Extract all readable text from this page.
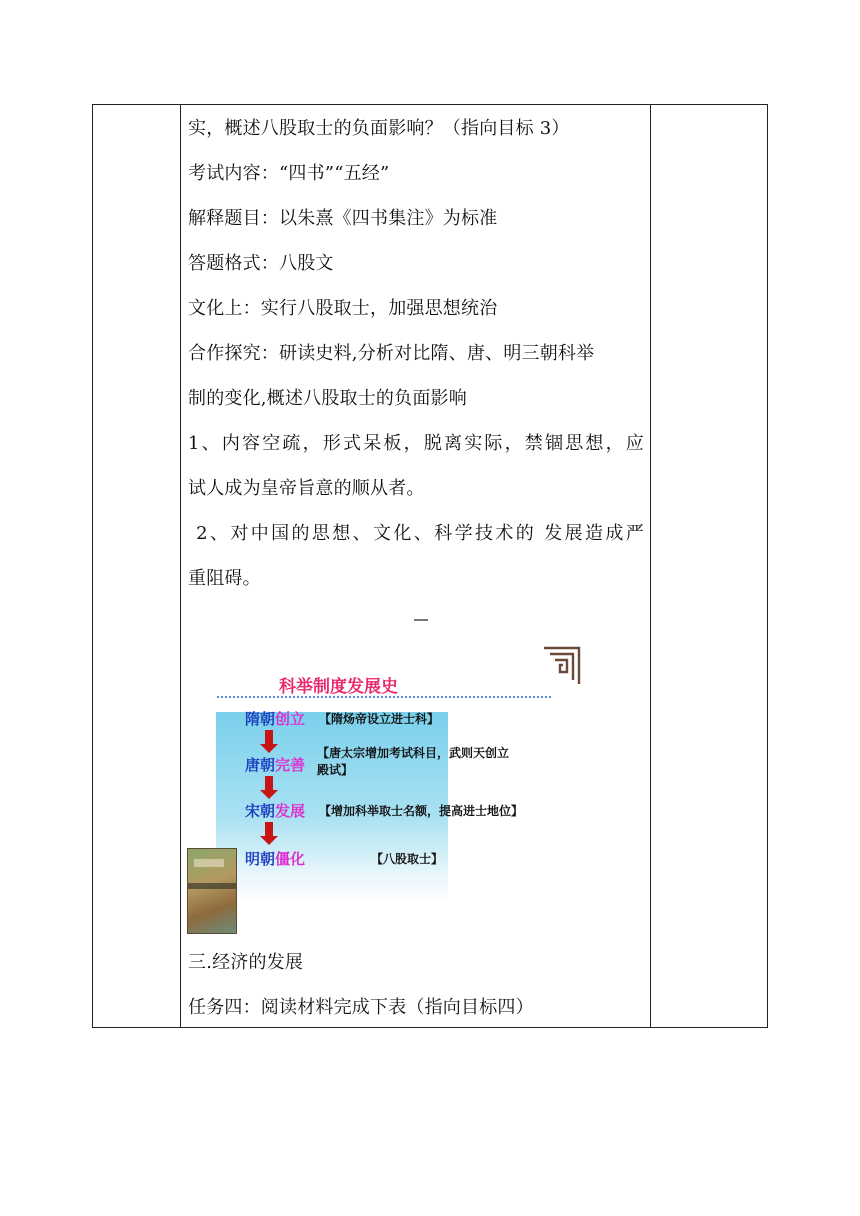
实，概述八股取士的负面影响？（指向目标 3）
考试内容：“四书”“五经”
解释题目：以朱熹《四书集注》为标准
答题格式：八股文
文化上：实行八股取士，加强思想统治
合作探究：研读史料,分析对比隋、唐、明三朝科举
制的变化,概述八股取士的负面影响
1、内容空疏，形式呆板，脱离实际，禁锢思想，应
试人成为皇帝旨意的顺从者。
2、对中国的思想、文化、科学技术的 发展造成严
重阻碍。
科举制度发展史
隋朝创立 【隋炀帝设立进士科】
唐朝完善
【唐太宗增加考试科目，武则天创立
殿试】
宋朝发展 【增加科举取士名额，提高进士地位】
明朝僵化	【八股取士】
三.经济的发展
任务四：阅读材料完成下表（指向目标四）
